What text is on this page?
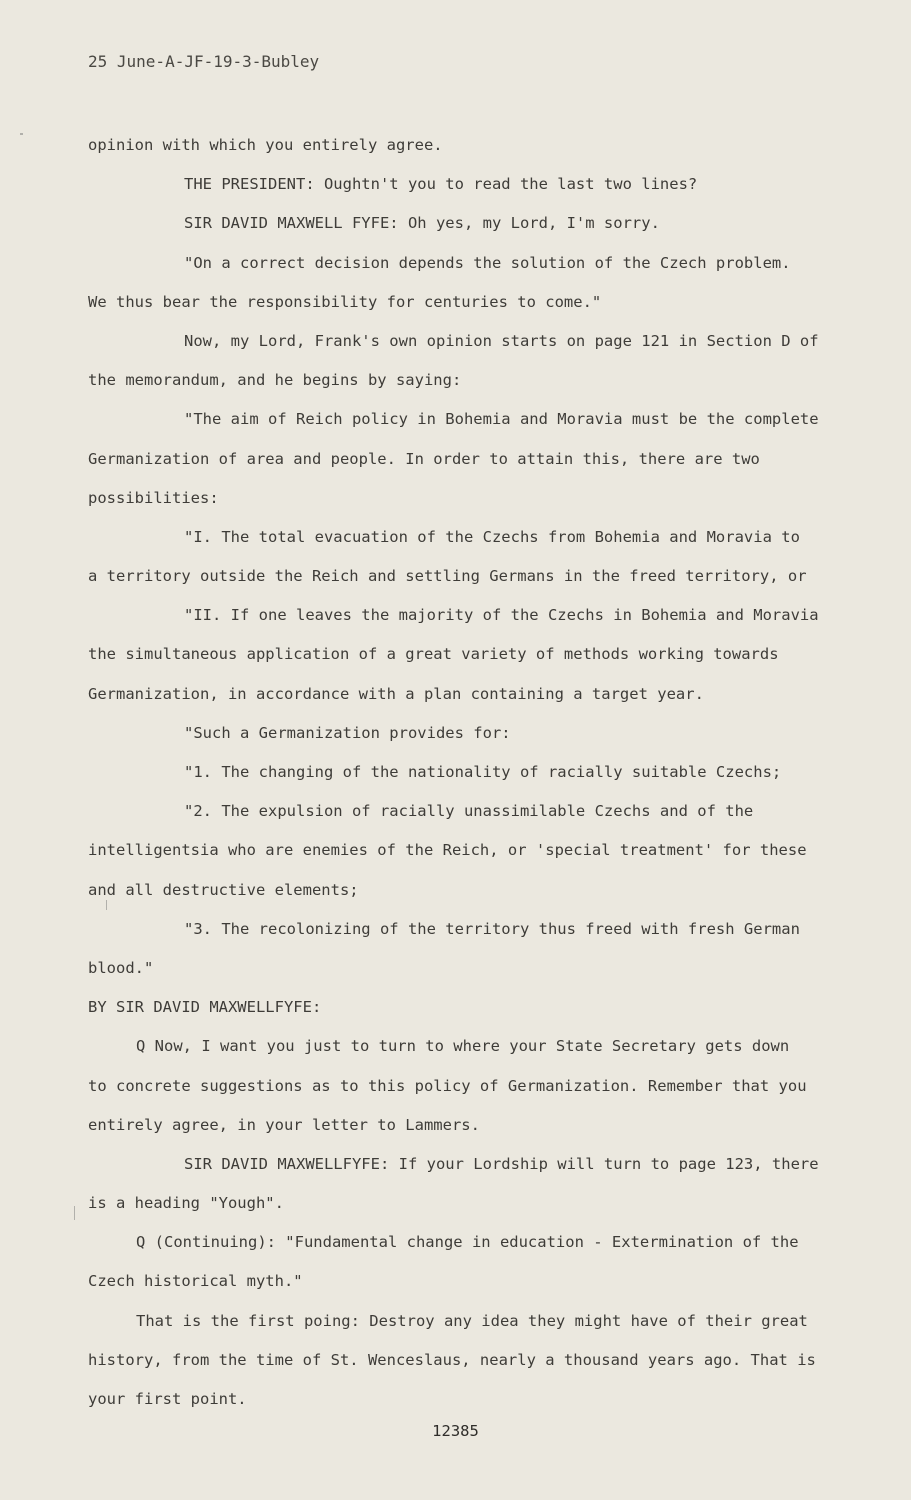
25 June-A-JF-19-3-Bubley
opinion with which you entirely agree.
THE PRESIDENT: Oughtn't you to read the last two lines?
SIR DAVID MAXWELL FYFE: Oh yes, my Lord, I'm sorry.
"On a correct decision depends the solution of the Czech problem.
We thus bear the responsibility for centuries to come."
Now, my Lord, Frank's own opinion starts on page 121 in Section D of
the memorandum, and he begins by saying:
"The aim of Reich policy in Bohemia and Moravia must be the complete
Germanization of area and people. In order to attain this, there are two
possibilities:
"I. The total evacuation of the Czechs from Bohemia and Moravia to
a territory outside the Reich and settling Germans in the freed territory, or
"II. If one leaves the majority of the Czechs in Bohemia and Moravia
the simultaneous application of a great variety of methods working towards
Germanization, in accordance with a plan containing a target year.
"Such a Germanization provides for:
"1. The changing of the nationality of racially suitable Czechs;
"2. The expulsion of racially unassimilable Czechs and of the
intelligentsia who are enemies of the Reich, or 'special treatment' for these
and all destructive elements;
"3. The recolonizing of the territory thus freed with fresh German
blood."
BY SIR DAVID MAXWELLFYFE:
Q Now, I want you just to turn to where your State Secretary gets down
to concrete suggestions as to this policy of Germanization. Remember that you
entirely agree, in your letter to Lammers.
SIR DAVID MAXWELLFYFE: If your Lordship will turn to page 123, there
is a heading "Yough".
Q (Continuing): "Fundamental change in education - Extermination of the
Czech historical myth."
That is the first poing: Destroy any idea they might have of their great
history, from the time of St. Wenceslaus, nearly a thousand years ago. That is
your first point.
12385
